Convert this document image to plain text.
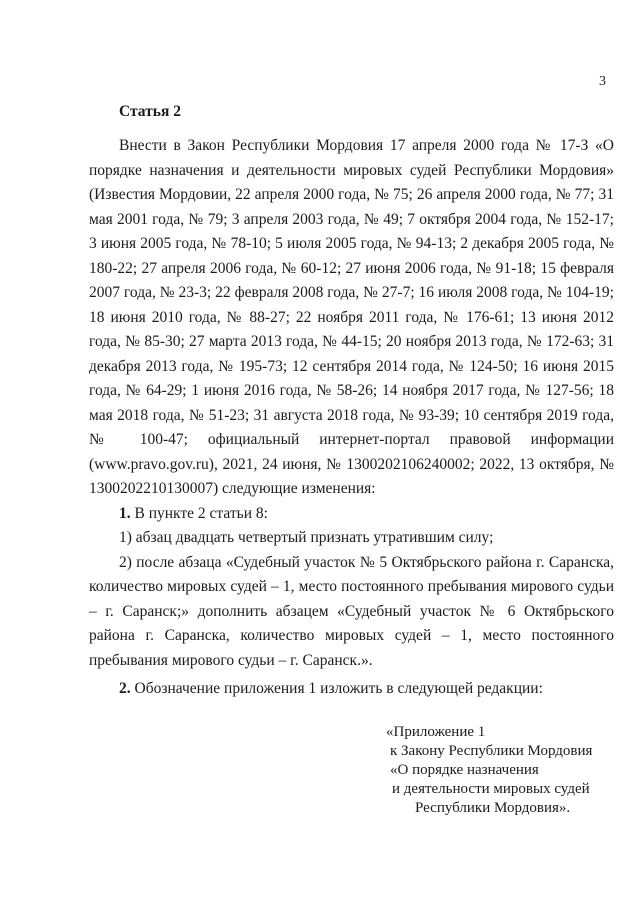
3
Статья 2

Внести в Закон Республики Мордовия 17 апреля 2000 года № 17-З «О порядке назначения и деятельности мировых судей Республики Мордовия» (Известия Мордовии, 22 апреля 2000 года, № 75; 26 апреля 2000 года, № 77; 31 мая 2001 года, № 79; 3 апреля 2003 года, № 49; 7 октября 2004 года, № 152-17; 3 июня 2005 года, № 78-10; 5 июля 2005 года, № 94-13; 2 декабря 2005 года, № 180-22; 27 апреля 2006 года, № 60-12; 27 июня 2006 года, № 91-18; 15 февраля 2007 года, № 23-3; 22 февраля 2008 года, № 27-7; 16 июля 2008 года, № 104-19; 18 июня 2010 года, № 88-27; 22 ноября 2011 года, № 176-61; 13 июня 2012 года, № 85-30; 27 марта 2013 года, № 44-15; 20 ноября 2013 года, № 172-63; 31 декабря 2013 года, № 195-73; 12 сентября 2014 года, № 124-50; 16 июня 2015 года, № 64-29; 1 июня 2016 года, № 58-26; 14 ноября 2017 года, № 127-56; 18 мая 2018 года, № 51-23; 31 августа 2018 года, № 93-39; 10 сентября 2019 года, № 100-47; официальный интернет-портал правовой информации (www.pravo.gov.ru), 2021, 24 июня, № 1300202106240002; 2022, 13 октября, № 1300202210130007) следующие изменения:

1. В пункте 2 статьи 8:

1) абзац двадцать четвертый признать утратившим силу;

2) после абзаца «Судебный участок № 5 Октябрьского района г. Саранска, количество мировых судей – 1, место постоянного пребывания мирового судьи – г. Саранск;» дополнить абзацем «Судебный участок № 6 Октябрьского района г. Саранска, количество мировых судей – 1, место постоянного пребывания мирового судьи – г. Саранск.».

2. Обозначение приложения 1 изложить в следующей редакции:

«Приложение 1
к Закону Республики Мордовия
«О порядке назначения
и деятельности мировых судей
Республики Мордовия».
